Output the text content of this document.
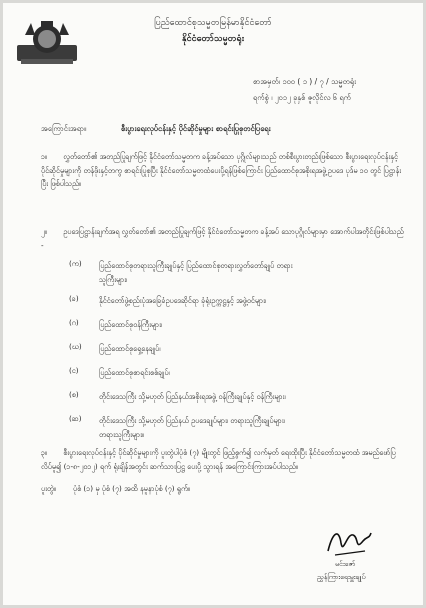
ပြည်ထောင်စုသမ္မတမြန်မာနိုင်ငံတော်
နိုင်ငံတော်သမ္မတရုံး
စာအမှတ်၊ ၁၀၀ ( ၁ ) / ၇ / သမ္မတရုံး
ရက်စွဲ ၊ ၂၀၁၂ ခုနှစ် ဇူလိုင်လ ၆ ရက်
အကြောင်းအရာ။	စီးပွားရေးလုပ်ငန်းနှင့် ပိုင်ဆိုင်မှုများ စာရင်းပြုစုတင်ပြရေး
၁။ လွှတ်တော်၏ အတည်ပြုချက်ဖြင့် နိုင်ငံတော်သမ္မတက ခန့်အပ်သော ပုဂ္ဂိုလ်များသည် တစ်စီးပွားတည်းဖြစ်သော စီးပွားရေးလုပ်ငန်းနှင့် ပိုင်ဆိုင်မှုများကို တန်ဖိုးနှင့်တကွ စာရင်းပြုစုပြီး နိုင်ငံတော်သမ္မတထံပေးပို့ရန်ဖြစ်ကြောင်း ပြည်ထောင်စုအစိုးရအဖွဲ့ဥပဒေ ပုဒ်မ ၁၀ တွင် ပြဋ္ဌာန်းပြီး ဖြစ်ပါသည်။
၂။ ဥပဒေပြဋ္ဌာန်းချက်အရ လွှတ်တော်၏ အတည်ပြုချက်ဖြင့် နိုင်ငံတော်သမ္မတက ခန့်အပ် သောပုဂ္ဂိုလ်များမှာ အောက်ပါအတိုင်းဖြစ်ပါသည် -
(က) ပြည်ထောင်စုတရားသူကြီးချုပ်နှင့် ပြည်ထောင်စုတရားလွှတ်တော်ချုပ် တရား
သူကြီးများ၊
(ခ)	နိုင်ငံတော်ဖွဲ့စည်းပုံအခြေခံဥပဒေဆိုင်ရာ ခုံရုံးဥက္ကဋ္ဌနှင့် အဖွဲ့ဝင်များ၊
(ဂ)	ပြည်ထောင်စုဝန်ကြီးများ၊
(ဃ) ပြည်ထောင်စုရှေ့နေချုပ်၊
(င)	ပြည်ထောင်စုစာရင်းစစ်ချုပ်၊
(စ)	တိုင်းဒေသကြီး သို့မဟုတ် ပြည်နယ်အစိုးရအဖွဲ့ ဝန်ကြီးချုပ်နှင့် ဝန်ကြီးများ၊
(ဆ) တိုင်းဒေသကြီး သို့မဟုတ် ပြည်နယ် ဥပဒေချုပ်များ၊ တရားသူကြီးချုပ်များ၊
တရားသူကြီးများ။
၃။ စီးပွားရေးလုပ်ငန်းနှင့် ပိုင်ဆိုင်မှုများကို ပူးတွဲပါပုံစံ (၇) မျိုးတွင် ဖြည့်စွက်၍ လက်မှတ် ရေးထိုးပြီး နိုင်ငံတော်သမ္မတထံ အမည်ဖော်ပြလိပ်မူ၍ (၁-၈-၂၀၁၂) ရက် ရုံးချိန်အတွင်း ဆက်သားပြဋ္ဌ ပေးပို့ သွားရန် အကြောင်းကြားအပ်ပါသည်။
ပူးတွဲ။ ပုံစံ (၁) မှ ပုံစံ (၇) အထိ နမူနာပုံစံ (၇) ရွက်။
မင်းဇော်
ညွှန်ကြားရေးမှူးချုပ်
